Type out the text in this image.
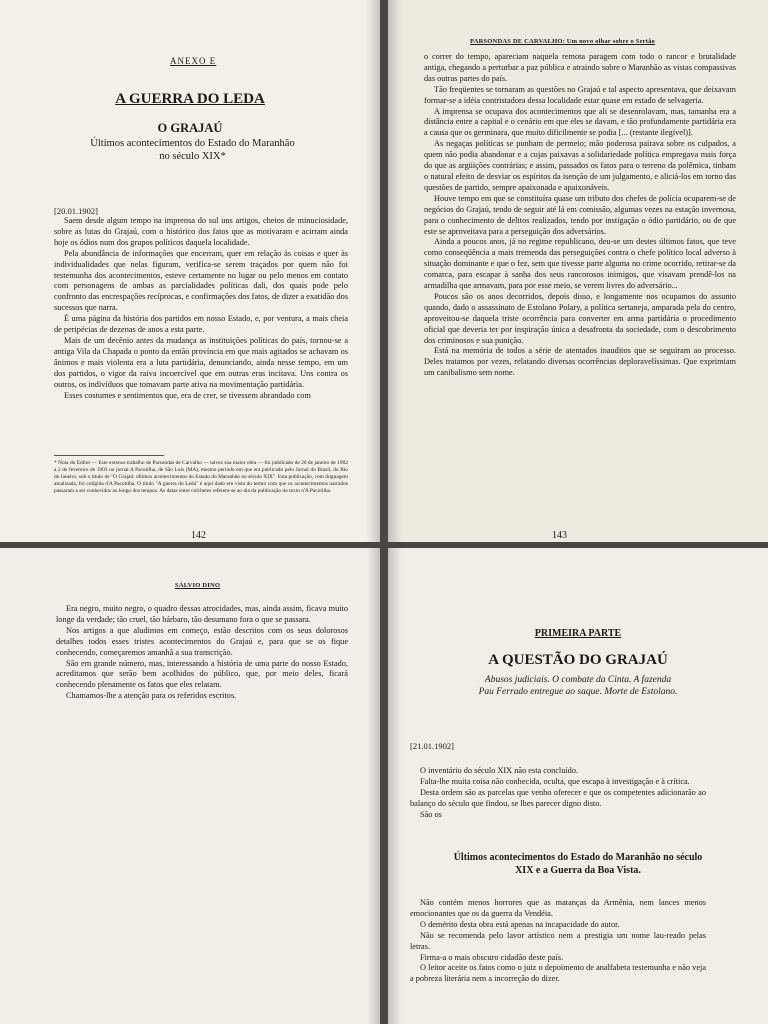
ANEXO E
A GUERRA DO LEDA
O GRAJAÚ
Últimos acontecimentos do Estado do Maranhão no século XIX*
[20.01.1902]

Saem desde algum tempo na imprensa do sul uns artigos, cheios de minuciosidade, sobre as lutas do Grajaú, com o histórico dos fatos que as motivaram e acirram ainda hoje os ódios num dos grupos políticos daquela localidade.

Pela abundância de informações que encerram, quer em relação às coisas e quer às individualidades que nelas figuram, verifica-se serem traçados por quem não foi testemunha dos acontecimentos, esteve certamente no lugar ou pelo menos em contato com personagens de ambas as parcialidades políticas dali, dos quais pode pelo confronto das encrespações recíprocas, e confirmações dos fatos, de dizer a exatidão dos sucessos que narra.

É uma página da história dos partidos em nosso Estado, e, por ventura, a mais cheia de peripécias de dezenas de anos a esta parte.

Mais de um decênio antes da mudança as instituições políticas do país, tornou-se a antiga Vila da Chapada o ponto da então província em que mais agitados se achavam os ânimos e mais violenta era a luta partidária, denunciando, ainda nesse tempo, em um dos partidos, o vigor da raiva incoercível que em outras eras incitava. Uns contra os outros, os indivíduos que tomavam parte ativa na movimentação partidária.

Esses costumes e sentimentos que, era de crer, se tivessem abrandado com

* Nota do Editor — Este extenso trabalho de Parsondas de Carvalho — talvez sua maior obra — foi publicado de 20 de janeiro de 1902 a 2 de fevereiro de 1903 no jornal A Pacotilha, de São Luís (MA), mesmo período em que era publicado pelo Jornal do Brasil, do Rio de Janeiro, sob o título de "O Grajaú: últimos acontecimentos do Estado do Maranhão no século XIX". Esta publicação, com linguagem atualizada, foi colígida d'A Pacotilha. O título "A guerra do Leda" é aqui dado em vista do termo com que os acontecimentos narrados passaram a ser conhecidos ao longo dos tempos. As datas entre colchetes referem-se ao dia da publicação do texto n'A Pacotilha.
142
PARSONDAS DE CARVALHO: Um novo olhar sobre o Sertão

o correr do tempo, apareciam naquela remota paragem com todo o rancor e brutalidade antiga, chegando a perturbar a paz pública e atraindo sobre o Maranhão as vistas compassivas das outras partes do país.

Tão freqüentes se tornaram as questões no Grajaú e tal aspecto apresentava, que deixavam formar-se a idéia contristadora dessa localidade estar quase em estado de selvageria.

A imprensa se ocupava dos acontecimentos que ali se desenrolavam, mas, tamanha era a distância entre a capital e o cenário em que eles se davam, e tão profundamente partidária era a causa que os germinara, que muito dificilmente se podia [... (restante ilegível)].

As negaças políticas se punham de permeio; mão poderosa pairava sobre os culpados, a quem não podia abandonar e a cujas paixavas a solidariedade política empregava mais força do que as argüições contrárias; e assim, passados os fatos para o terreno da polêmica, tinham o natural efeito de desviar os espíritos da isenção de um julgamento, e aliciá-los em torno das questões de partido, sempre apaixonada e apaixonáveis.

Houve tempo em que se constituíra quase um tributo dos chefes de polícia ocuparem-se de negócios do Grajaú, tendo de seguir até lá em comissão, algumas vezes na estação invernosa, para o conhecimento de delitos realizados, tendo por instigação o ódio partidário, ou de que este se aproveitava para a perseguição dos adversários.

Ainda a poucos anos, já no regime republicano, deu-se um destes últimos fatos, que teve como conseqüência a mais tremenda das perseguições contra o chefe político local adverso à situação dominante e que o fez, sem que tivesse parte alguma no crime ocorrido, retirar-se da comarca, para escapar à sanha dos seus rancorosos inimigos, que visavam prendê-los na armadilha que armavam, para por esse meio, se verem livres do adversário...

Poucos são os anos decorridos, depois disso, e longamente nos ocupamos do assunto quando, dado o assassinato de Estolano Polary, a política sertaneja, amparada pela do centro, aproveitou-se daquela triste ocorrência para converter em arma partidária o procedimento oficial que deveria ter por inspiração única a desafronta da sociedade, com o descobrimento dos criminosos e sua punição.

Está na memória de todos a série de atentados inauditos que se seguiram ao processo. Deles tratamos por vezes, relatando diversas ocorrências deploravelíssimas. Que exprimiam um canibalismo sem nome.

143
SÁLVIO DINO

Era negro, muito negro, o quadro dessas atrocidades, mas, ainda assim, ficava muito longe da verdade; tão cruel, tão bárbaro, tão desumano fora o que se passara.

Nos artigos a que aludimos em começo, estão descritos com os seus dolorosos detalhes todos esses tristes acontecimentos do Grajaú e, para que se os fique conhecendo, começaremos amanhã a sua transcrição.

São em grande número, mas, interessando a história de uma parte do nosso Estado, acreditamos que serão bem acolhidos do público, que, por meio deles, ficará conhecendo plenamente os fatos que eles relatam.

Chamamos-lhe a atenção para os referidos escritos.

PRIMEIRA PARTE
A QUESTÃO DO GRAJAÚ
Abusos judiciais. O combate da Cinta. A fazenda Pau Ferrado entregue ao saque. Morte de Estolano.
[21.01.1902]

O inventário do século XIX não esta concluído.

Falta-lhe muita coisa não conhecida, oculta, que escapa à investigação e à crítica.

Desta ordem são as parcelas que venho oferecer e que os competentes adicionarão ao balanço do século que findou, se lhes parecer digno disto.

São os

Últimos acontecimentos do Estado do Maranhão no século XIX e a Guerra da Boa Vista.

Não contém menos horrores que as matanças da Armênia, nem lances menos emocionantes que os da guerra da Vendéia.

O demérito desta obra está apenas na incapacidade do autor.

Não se recomenda pelo lavor artístico nem a prestigia um nome lau-reado pelas letras.

Firma-a o mais obscuro cidadão deste país.

O leitor aceite os fatos como o juiz o depoimento de analfabeta testemunha e não veja a pobreza literária nem a incorreção do dizer.
